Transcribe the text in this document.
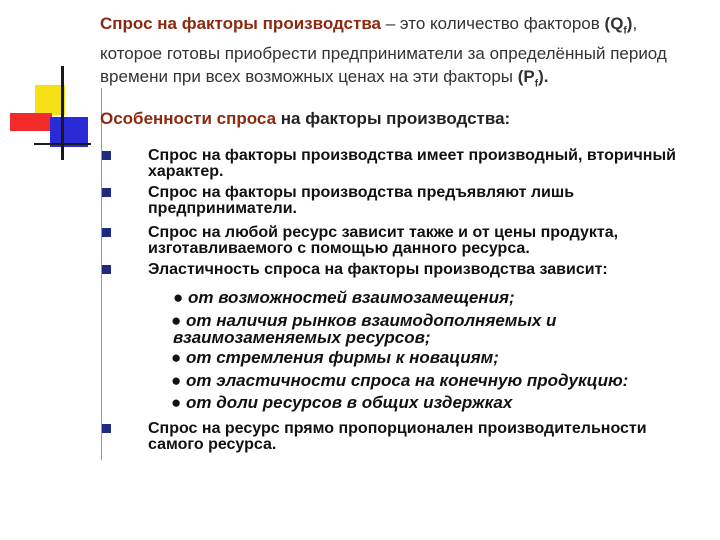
Спрос на факторы производства – это количество факторов $(Q_f)$, которое готовы приобрести предприниматели за определённый период времени при всех возможных ценах на эти факторы $(P_f)$.
Особенности спроса на факторы производства:
Спрос на факторы производства имеет производный, вторичный характер.
Спрос на факторы производства предъявляют лишь предприниматели.
Спрос на любой ресурс зависит также и от цены продукта, изготавливаемого с помощью данного ресурса.
Эластичность спроса на факторы производства зависит:
● от возможностей взаимозамещения;
● от наличия рынков взаимодополняемых и
взаимозаменяемых ресурсов;
● от стремления фирмы к новациям;
● от эластичности спроса на конечную продукцию:
● от доли ресурсов в общих издержках
Спрос на ресурс прямо пропорционален производительности самого ресурса.
